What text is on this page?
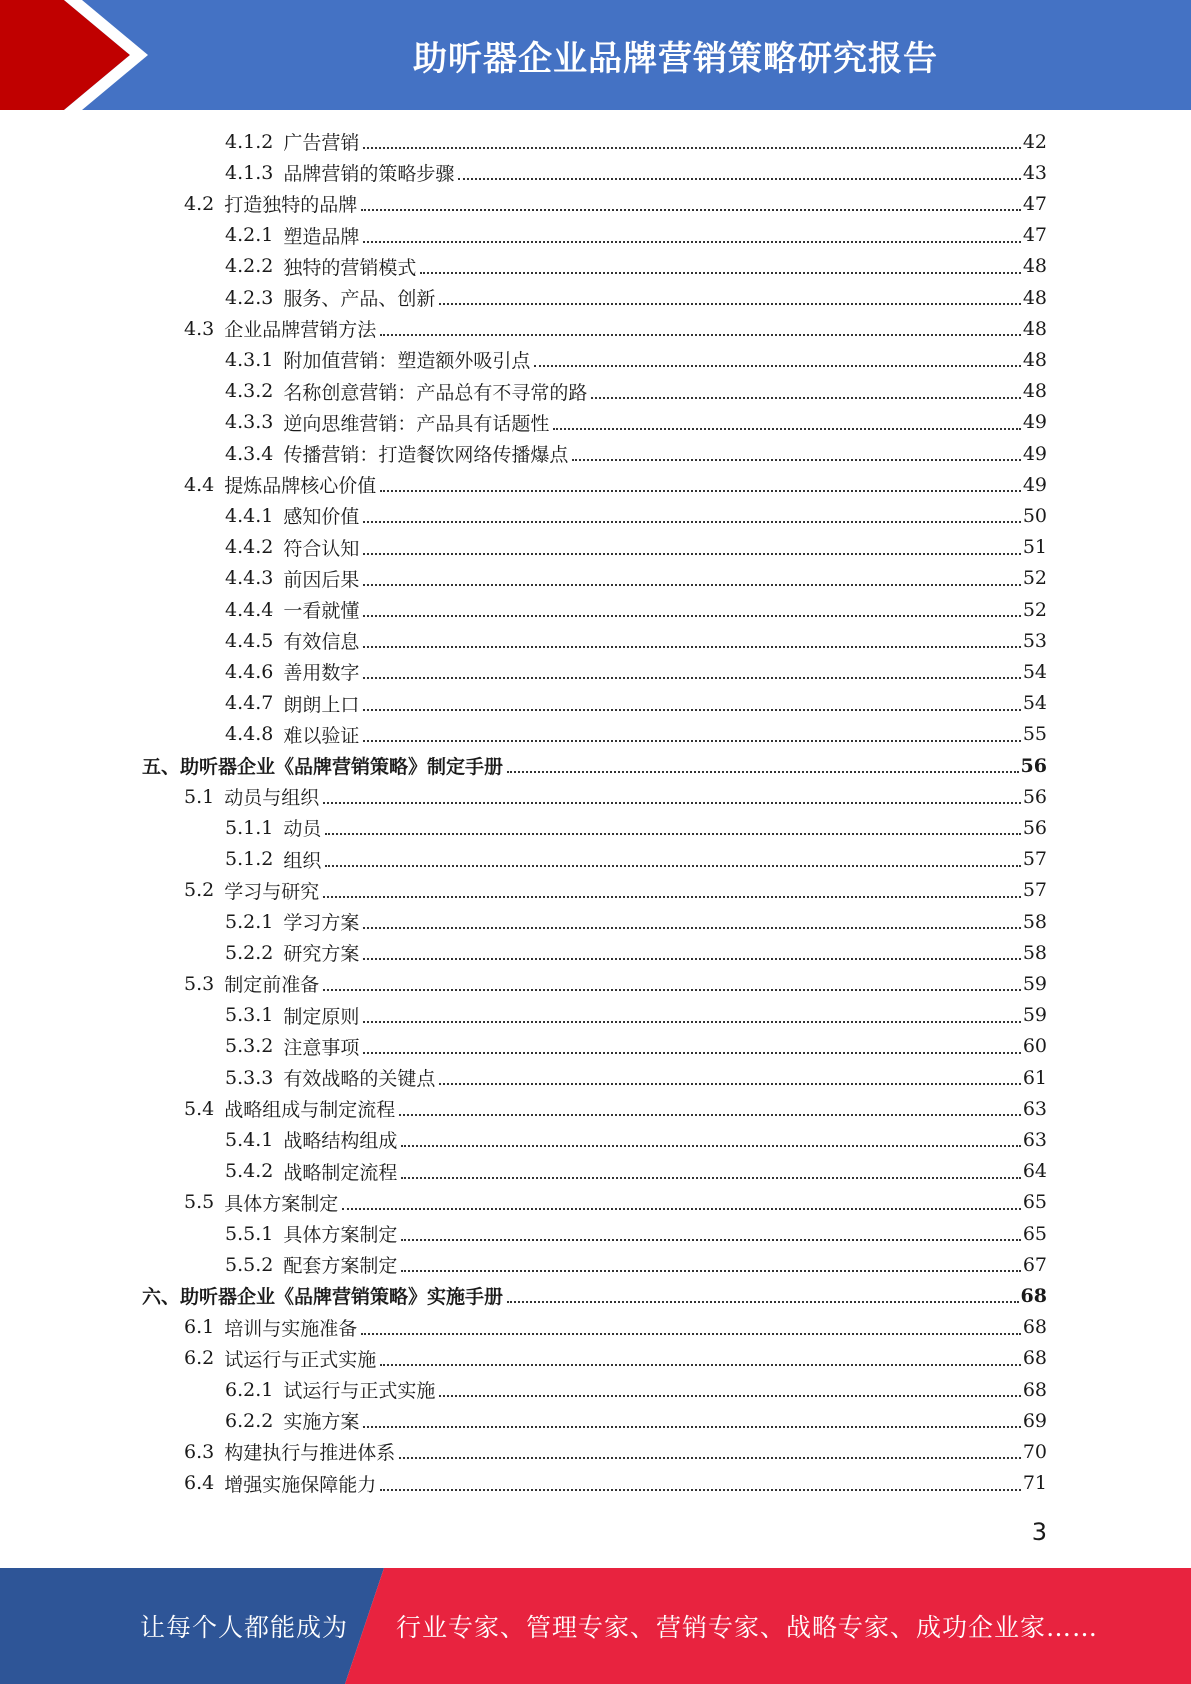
助听器企业品牌营销策略研究报告
4.1.2 广告营销	42
4.1.3 品牌营销的策略步骤	43
4.2 打造独特的品牌	47
4.2.1 塑造品牌	47
4.2.2 独特的营销模式	48
4.2.3 服务、产品、创新	48
4.3 企业品牌营销方法	48
4.3.1 附加值营销：塑造额外吸引点	48
4.3.2 名称创意营销：产品总有不寻常的路	48
4.3.3 逆向思维营销：产品具有话题性	49
4.3.4 传播营销：打造餐饮网络传播爆点	49
4.4 提炼品牌核心价值	49
4.4.1 感知价值	50
4.4.2 符合认知	51
4.4.3 前因后果	52
4.4.4 一看就懂	52
4.4.5 有效信息	53
4.4.6 善用数字	54
4.4.7 朗朗上口	54
4.4.8 难以验证	55
五、助听器企业《品牌营销策略》制定手册	56
5.1 动员与组织	56
5.1.1 动员	56
5.1.2 组织	57
5.2 学习与研究	57
5.2.1 学习方案	58
5.2.2 研究方案	58
5.3 制定前准备	59
5.3.1 制定原则	59
5.3.2 注意事项	60
5.3.3 有效战略的关键点	61
5.4 战略组成与制定流程	63
5.4.1 战略结构组成	63
5.4.2 战略制定流程	64
5.5 具体方案制定	65
5.5.1 具体方案制定	65
5.5.2 配套方案制定	67
六、助听器企业《品牌营销策略》实施手册	68
6.1 培训与实施准备	68
6.2 试运行与正式实施	68
6.2.1 试运行与正式实施	68
6.2.2 实施方案	69
6.3 构建执行与推进体系	70
6.4 增强实施保障能力	71
3
让每个人都能成为 行业专家、管理专家、营销专家、战略专家、成功企业家……
